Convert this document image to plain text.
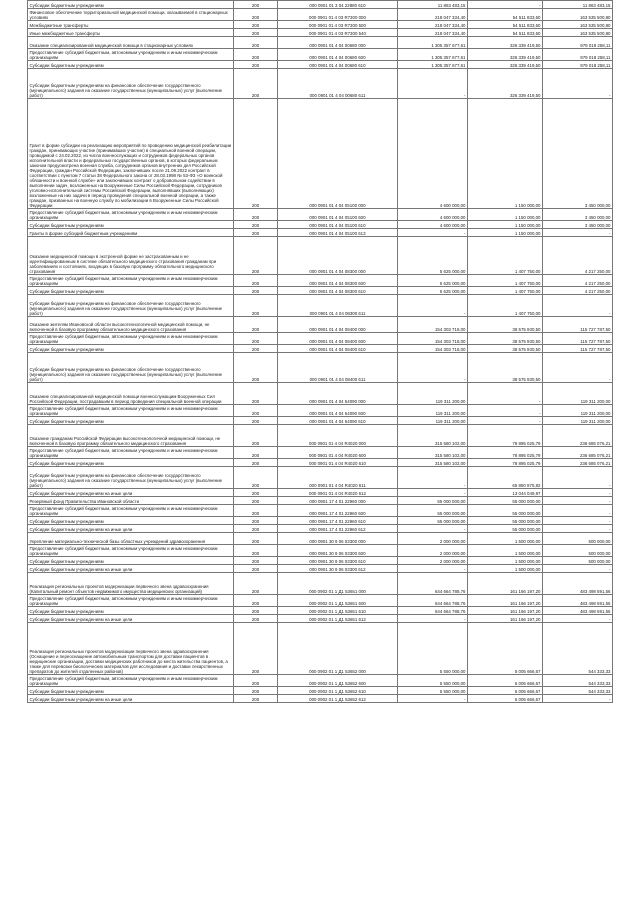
Субсидии бюджетным учреждениям	200	000 0901 01 3 04 22880 610	11 863 483,15	-	11 863 483,15
Финансовое обеспечение территориальной медицинской помощи, оказываемой в стационарных условиях	200	000 0901 01 4 03 R7300 000	218 047 334,40	54 511 833,60	163 535 500,80
Межбюджетные трансферты	200	000 0901 01 4 03 R7300 500	218 047 334,40	54 511 833,60	163 535 500,80
Иные межбюджетные трансферты	200	000 0901 01 4 03 R7300 540	218 047 334,40	54 511 833,60	163 535 500,80
Оказание специализированной медицинской помощи в стационарных условиях	200	000 0901 01 4 04 00680 000	1 305 357 677,61	326 339 419,50	979 018 258,11
Предоставление субсидий бюджетным, автономным учреждениям и иным некоммерческим организациям	200	000 0901 01 4 04 00680 600	1 305 357 677,61	326 339 419,50	979 018 258,11
Субсидии бюджетным учреждениям	200	000 0901 01 4 04 00680 610	1 305 357 677,61	326 339 419,50	979 018 258,11
Субсидии бюджетным учреждениям на финансовое обеспечение государственного (муниципального) задания на оказание государственных (муниципальных) услуг (выполнение работ)	200	000 0901 01 4 04 00680 611	-	326 339 419,50	-
Грант в форме субсидии на реализацию мероприятий по проведению медицинской реабилитации граждан, принимающих участие (принимавших участие) в специальной военной операции, проводимой с 24.02.2022, из числа военнослужащих и сотрудников федеральных органов исполнительной власти и федеральных государственных органов, в которых федеральным законом предусмотрена военная служба, сотрудников органов внутренних дел Российской Федерации, граждан Российской Федерации, заключивших после 21.09.2022 контракт в соответствии с пунктом 7 статьи 38 Федерального закона от 28.03.1998 № 53-ФЗ «О воинской обязанности и военной службе» или заключивших контракт о добровольном содействии в выполнении задач, возложенных на Вооруженные Силы Российской Федерации, сотрудников уголовно-исполнительной системы Российской Федерации, выполнявших (выполняющих) возложенные на них задачи в период проведения специальной военной операции, а также граждан, призванных на военную службу по мобилизации в Вооруженные Силы Российской Федерации	200	000 0901 01 4 04 05100 000	4 600 000,00	1 150 000,00	3 450 000,00
Предоставление субсидий бюджетным, автономным учреждениям и иным некоммерческим организациям	200	000 0901 01 4 04 05100 600	4 600 000,00	1 150 000,00	3 450 000,00
Субсидии бюджетным учреждениям	200	000 0901 01 4 04 05100 610	4 600 000,00	1 150 000,00	3 450 000,00
Гранты в форме субсидий бюджетным учреждениям	200	000 0901 01 4 04 05100 613	-	1 150 000,00	-
Оказание медицинской помощи в экстренной форме не застрахованным и не идентифицированным в системе обязательного медицинского страхования гражданам при заболеваниях и состояниях, входящих в базовую программу обязательного медицинского страхования	200	000 0901 01 4 04 08300 000	5 625 000,00	1 407 750,00	4 217 250,00
Предоставление субсидий бюджетным, автономным учреждениям и иным некоммерческим организациям	200	000 0901 01 4 04 08300 600	5 625 000,00	1 407 750,00	4 217 250,00
Субсидии бюджетным учреждениям	200	000 0901 01 4 04 08300 610	5 625 000,00	1 407 750,00	4 217 250,00
Субсидии бюджетным учреждениям на финансовое обеспечение государственного (муниципального) задания на оказание государственных (муниципальных) услуг (выполнение работ)	200	000 0901 01 4 04 08300 611	-	1 407 750,00	-
Оказание жителям Ивановской области высокотехнологичной медицинской помощи, не включенной в базовую программу обязательного медицинского страхования	200	000 0901 01 4 04 08400 000	154 303 718,00	38 575 930,50	115 727 787,50
Предоставление субсидий бюджетным, автономным учреждениям и иным некоммерческим организациям	200	000 0901 01 4 04 08400 600	154 303 718,00	38 575 930,50	115 727 787,50
Субсидии бюджетным учреждениям	200	000 0901 01 4 04 08400 610	154 303 718,00	38 575 930,50	115 727 787,50
Субсидии бюджетным учреждениям на финансовое обеспечение государственного (муниципального) задания на оказание государственных (муниципальных) услуг (выполнение работ)	200	000 0901 01 4 04 08400 611	-	38 575 930,50	-
Оказание специализированной медицинской помощи военнослужащим Вооруженных Сил Российской Федерации, пострадавшим в период проведения специальной военной операции	200	000 0901 01 4 04 54090 000	119 311 200,00	-	119 311 200,00
Предоставление субсидий бюджетным, автономным учреждениям и иным некоммерческим организациям	200	000 0901 01 4 04 54090 600	119 311 200,00	-	119 311 200,00
Субсидии бюджетным учреждениям	200	000 0901 01 4 04 54090 610	119 311 200,00	-	119 311 200,00
Оказание гражданам Российской Федерации высокотехнологичной медицинской помощи, не включенной в базовую программу обязательного медицинского страхования	200	000 0901 01 4 04 R4020 000	315 580 102,00	78 895 025,79	236 685 076,21
Предоставление субсидий бюджетным, автономным учреждениям и иным некоммерческим организациям	200	000 0901 01 4 04 R4020 600	315 580 102,00	78 895 025,79	236 685 076,21
Субсидии бюджетным учреждениям	200	000 0901 01 4 04 R4020 610	315 580 102,00	78 895 025,79	236 685 076,21
Субсидии бюджетным учреждениям на финансовое обеспечение государственного (муниципального) задания на оказание государственных (муниципальных) услуг (выполнение работ)	200	000 0901 01 4 04 R4020 611	-	65 850 975,82	-
Субсидии бюджетным учреждениям на иные цели	200	000 0901 01 4 04 R4020 612	-	13 044 049,97	-
Резервный фонд Правительства Ивановской области	200	000 0901 17 4 01 22960 000	55 000 000,00	55 000 000,00	-
Предоставление субсидий бюджетным, автономным учреждениям и иным некоммерческим организациям	200	000 0901 17 4 01 22960 600	55 000 000,00	55 000 000,00	-
Субсидии бюджетным учреждениям	200	000 0901 17 4 01 22960 610	55 000 000,00	55 000 000,00	-
Субсидии бюджетным учреждениям на иные цели	200	000 0901 17 4 01 22960 612	-	55 000 000,00	-
Укрепление материально-технической базы областных учреждений здравоохранения	200	000 0901 30 9 06 03300 000	2 000 000,00	1 500 000,00	500 000,00
Предоставление субсидий бюджетным, автономным учреждениям и иным некоммерческим организациям	200	000 0901 30 9 06 03300 600	2 000 000,00	1 500 000,00	500 000,00
Субсидии бюджетным учреждениям	200	000 0901 30 9 06 03300 610	2 000 000,00	1 500 000,00	500 000,00
Субсидии бюджетным учреждениям на иные цели	200	000 0901 30 9 06 03300 612	-	1 500 000,00	-
Реализация региональных проектов модернизации первичного звена здравоохранения (Капитальный ремонт объектов недвижимого имущества медицинских организаций)	200	000 0902 01 1 Д1 53651 000	644 664 788,76	161 166 197,20	483 498 591,56
Предоставление субсидий бюджетным, автономным учреждениям и иным некоммерческим организациям	200	000 0902 01 1 Д1 53651 600	644 664 788,76	161 166 197,20	483 498 591,56
Субсидии бюджетным учреждениям	200	000 0902 01 1 Д1 53651 610	644 664 788,76	161 166 197,20	483 498 591,56
Субсидии бюджетным учреждениям на иные цели	200	000 0902 01 1 Д1 53651 612	-	161 166 197,20	-
Реализация региональных проектов модернизации первичного звена здравоохранения (Оснащение и переоснащение автомобильным транспортом для доставки пациентов в медицинские организации, доставки медицинских работников до места жительства пациентов, а также для перевозки биологических материалов для исследования и доставки лекарственных препаратов до жителей отдаленных районов)	200	000 0902 01 1 Д1 53652 000	5 550 000,00	5 005 666,67	544 333,33
Предоставление субсидий бюджетным, автономным учреждениям и иным некоммерческим организациям	200	000 0902 01 1 Д1 53652 600	5 550 000,00	5 005 666,67	544 333,33
Субсидии бюджетным учреждениям	200	000 0902 01 1 Д1 53652 610	5 550 000,00	5 005 666,67	544 333,33
Субсидии бюджетным учреждениям на иные цели	200	000 0902 01 1 Д1 53652 612	-	5 005 666,67	-
